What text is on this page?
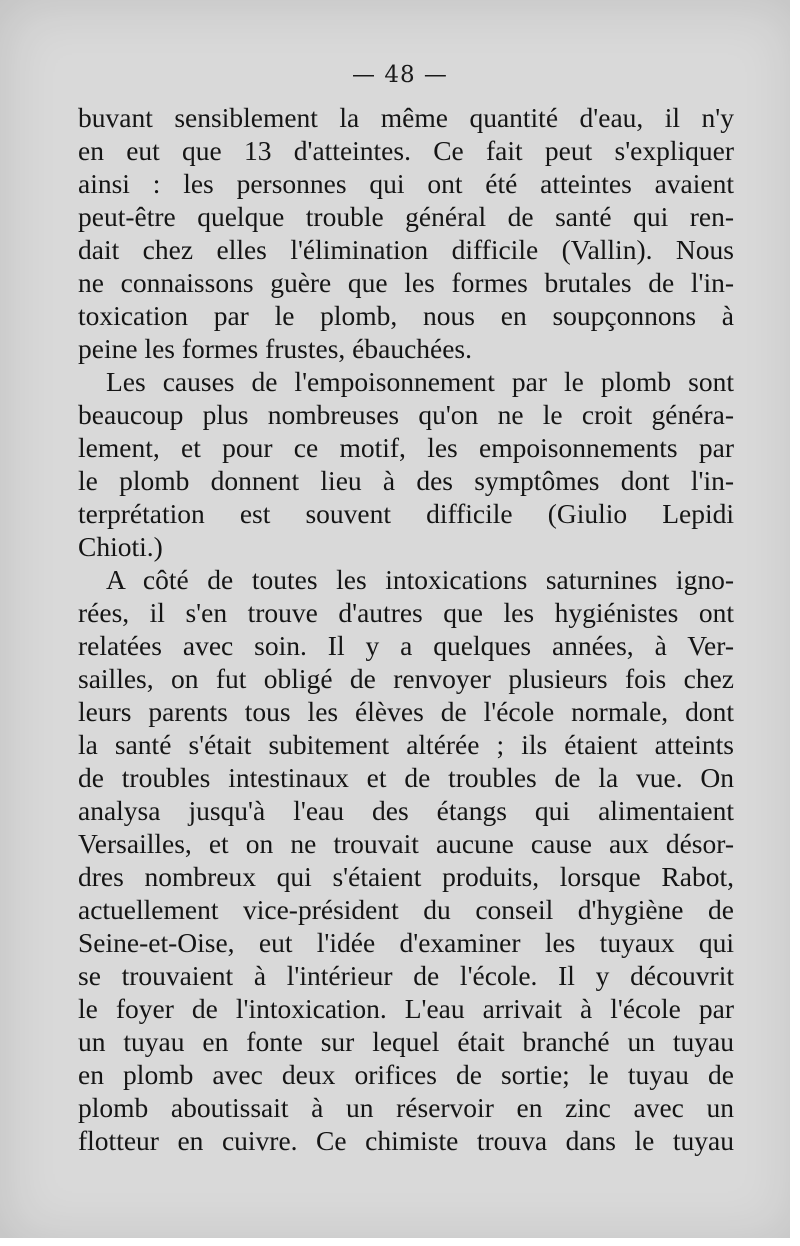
— 48 —
buvant sensiblement la même quantité d'eau, il n'y
en eut que 13 d'atteintes. Ce fait peut s'expliquer
ainsi : les personnes qui ont été atteintes avaient
peut-être quelque trouble général de santé qui ren-
dait chez elles l'élimination difficile (Vallin). Nous
ne connaissons guère que les formes brutales de l'in-
toxication par le plomb, nous en soupçonnons à
peine les formes frustes, ébauchées.
Les causes de l'empoisonnement par le plomb sont
beaucoup plus nombreuses qu'on ne le croit généra-
lement, et pour ce motif, les empoisonnements par
le plomb donnent lieu à des symptômes dont l'in-
terprétation est souvent difficile (Giulio Lepidi
Chioti.)
A côté de toutes les intoxications saturnines igno-
rées, il s'en trouve d'autres que les hygiénistes ont
relatées avec soin. Il y a quelques années, à Ver-
sailles, on fut obligé de renvoyer plusieurs fois chez
leurs parents tous les élèves de l'école normale, dont
la santé s'était subitement altérée ; ils étaient atteints
de troubles intestinaux et de troubles de la vue. On
analysa jusqu'à l'eau des étangs qui alimentaient
Versailles, et on ne trouvait aucune cause aux désor-
dres nombreux qui s'étaient produits, lorsque Rabot,
actuellement vice-président du conseil d'hygiène de
Seine-et-Oise, eut l'idée d'examiner les tuyaux qui
se trouvaient à l'intérieur de l'école. Il y découvrit
le foyer de l'intoxication. L'eau arrivait à l'école par
un tuyau en fonte sur lequel était branché un tuyau
en plomb avec deux orifices de sortie; le tuyau de
plomb aboutissait à un réservoir en zinc avec un
flotteur en cuivre. Ce chimiste trouva dans le tuyau
